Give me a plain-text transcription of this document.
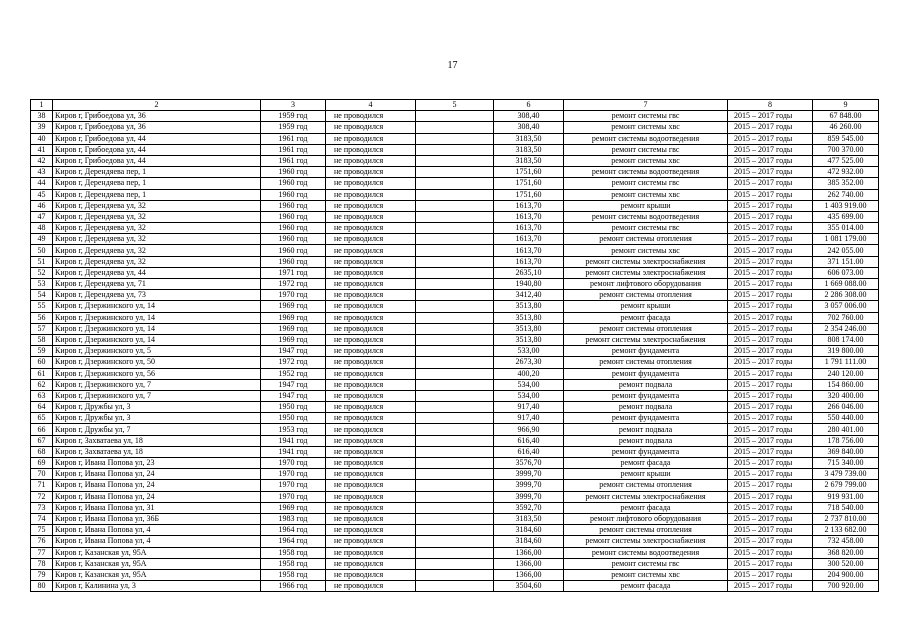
17
1	2	3	4	5	6	7	8	9
38	Киров г, Грибоедова ул, 36	1959 год	не проводился		308,40	ремонт системы гвс	2015 – 2017 годы	67 848.00
39	Киров г, Грибоедова ул, 36	1959 год	не проводился		308,40	ремонт системы хвс	2015 – 2017 годы	46 260.00
40	Киров г, Грибоедова ул, 44	1961 год	не проводился		3183,50	ремонт системы водоотведения	2015 – 2017 годы	859 545.00
41	Киров г, Грибоедова ул, 44	1961 год	не проводился		3183,50	ремонт системы гвс	2015 – 2017 годы	700 370.00
42	Киров г, Грибоедова ул, 44	1961 год	не проводился		3183,50	ремонт системы хвс	2015 – 2017 годы	477 525.00
43	Киров г, Дерендяева пер, 1	1960 год	не проводился		1751,60	ремонт системы водоотведения	2015 – 2017 годы	472 932.00
44	Киров г, Дерендяева пер, 1	1960 год	не проводился		1751,60	ремонт системы гвс	2015 – 2017 годы	385 352.00
45	Киров г, Дерендяева пер, 1	1960 год	не проводился		1751,60	ремонт системы хвс	2015 – 2017 годы	262 740.00
46	Киров г, Дерендяева ул, 32	1960 год	не проводился		1613,70	ремонт крыши	2015 – 2017 годы	1 403 919.00
47	Киров г, Дерендяева ул, 32	1960 год	не проводился		1613,70	ремонт системы водоотведения	2015 – 2017 годы	435 699.00
48	Киров г, Дерендяева ул, 32	1960 год	не проводился		1613,70	ремонт системы гвс	2015 – 2017 годы	355 014.00
49	Киров г, Дерендяева ул, 32	1960 год	не проводился		1613,70	ремонт системы отопления	2015 – 2017 годы	1 081 179.00
50	Киров г, Дерендяева ул, 32	1960 год	не проводился		1613,70	ремонт системы хвс	2015 – 2017 годы	242 055.00
51	Киров г, Дерендяева ул, 32	1960 год	не проводился		1613,70	ремонт системы электроснабжения	2015 – 2017 годы	371 151.00
52	Киров г, Дерендяева ул, 44	1971 год	не проводился		2635,10	ремонт системы электроснабжения	2015 – 2017 годы	606 073.00
53	Киров г, Дерендяева ул, 71	1972 год	не проводился		1940,80	ремонт лифтового оборудования	2015 – 2017 годы	1 669 088.00
54	Киров г, Дерендяева ул, 73	1970 год	не проводился		3412,40	ремонт системы отопления	2015 – 2017 годы	2 286 308.00
55	Киров г, Дзержинского ул, 14	1969 год	не проводился		3513,80	ремонт крыши	2015 – 2017 годы	3 057 006.00
56	Киров г, Дзержинского ул, 14	1969 год	не проводился		3513,80	ремонт фасада	2015 – 2017 годы	702 760.00
57	Киров г, Дзержинского ул, 14	1969 год	не проводился		3513,80	ремонт системы отопления	2015 – 2017 годы	2 354 246.00
58	Киров г, Дзержинского ул, 14	1969 год	не проводился		3513,80	ремонт системы электроснабжения	2015 – 2017 годы	808 174.00
59	Киров г, Дзержинского ул, 5	1947 год	не проводился		533,00	ремонт фундамента	2015 – 2017 годы	319 800.00
60	Киров г, Дзержинского ул, 50	1972 год	не проводился		2673,30	ремонт системы отопления	2015 – 2017 годы	1 791 111.00
61	Киров г, Дзержинского ул, 56	1952 год	не проводился		400,20	ремонт фундамента	2015 – 2017 годы	240 120.00
62	Киров г, Дзержинского ул, 7	1947 год	не проводился		534,00	ремонт подвала	2015 – 2017 годы	154 860.00
63	Киров г, Дзержинского ул, 7	1947 год	не проводился		534,00	ремонт фундамента	2015 – 2017 годы	320 400.00
64	Киров г, Дружбы ул, 3	1950 год	не проводился		917,40	ремонт подвала	2015 – 2017 годы	266 046.00
65	Киров г, Дружбы ул, 3	1950 год	не проводился		917,40	ремонт фундамента	2015 – 2017 годы	550 440.00
66	Киров г, Дружбы ул, 7	1953 год	не проводился		966,90	ремонт подвала	2015 – 2017 годы	280 401.00
67	Киров г, Захватаева ул, 18	1941 год	не проводился		616,40	ремонт подвала	2015 – 2017 годы	178 756.00
68	Киров г, Захватаева ул, 18	1941 год	не проводился		616,40	ремонт фундамента	2015 – 2017 годы	369 840.00
69	Киров г, Ивана Попова ул, 23	1970 год	не проводился		3576,70	ремонт фасада	2015 – 2017 годы	715 340.00
70	Киров г, Ивана Попова ул, 24	1970 год	не проводился		3999,70	ремонт крыши	2015 – 2017 годы	3 479 739.00
71	Киров г, Ивана Попова ул, 24	1970 год	не проводился		3999,70	ремонт системы отопления	2015 – 2017 годы	2 679 799.00
72	Киров г, Ивана Попова ул, 24	1970 год	не проводился		3999,70	ремонт системы электроснабжения	2015 – 2017 годы	919 931.00
73	Киров г, Ивана Попова ул, 31	1969 год	не проводился		3592,70	ремонт фасада	2015 – 2017 годы	718 540.00
74	Киров г, Ивана Попова ул, 36Б	1983 год	не проводился		3183,50	ремонт лифтового оборудования	2015 – 2017 годы	2 737 810.00
75	Киров г, Ивана Попова ул, 4	1964 год	не проводился		3184,60	ремонт системы отопления	2015 – 2017 годы	2 133 682.00
76	Киров г, Ивана Попова ул, 4	1964 год	не проводился		3184,60	ремонт системы электроснабжения	2015 – 2017 годы	732 458.00
77	Киров г, Казанская ул, 95А	1958 год	не проводился		1366,00	ремонт системы водоотведения	2015 – 2017 годы	368 820.00
78	Киров г, Казанская ул, 95А	1958 год	не проводился		1366,00	ремонт системы гвс	2015 – 2017 годы	300 520.00
79	Киров г, Казанская ул, 95А	1958 год	не проводился		1366,00	ремонт системы хвс	2015 – 2017 годы	204 900.00
80	Киров г, Калинина ул, 3	1966 год	не проводился		3504,60	ремонт фасада	2015 – 2017 годы	700 920.00
